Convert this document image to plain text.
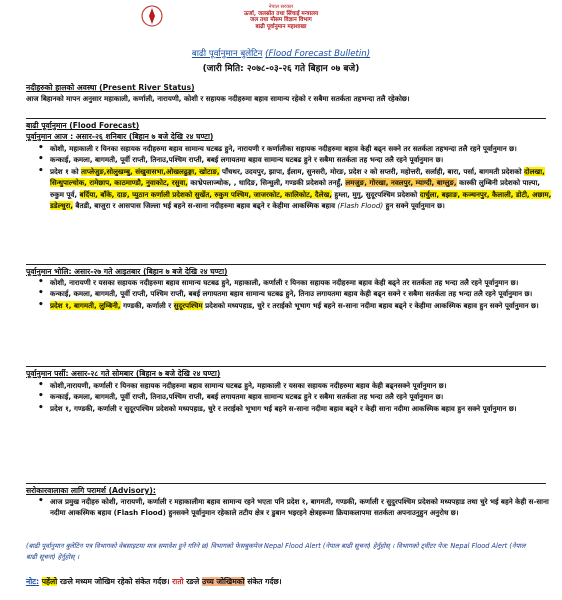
नेपाल सरकार
ऊर्जा, जलस्रोत तथा सिंचाई मन्त्रालय
जल तथा मौसम विज्ञान विभाग
बाढी पूर्वानुमान महाशाखा
बाढी पूर्वानुमान बुलेटिन (Flood Forecast Bulletin)
(जारी मिति: २०७८-०३-२६ गते बिहान ०७ बजे)
नदीहरुको हालको अवस्था (Present River Status)
आज बिहानको मापन अनुसार महाकाली, कर्णाली, नारायणी, कोशी र सहायक नदीहरुमा बहाव सामान्य रहेको र सबैमा सतर्कता तहभन्दा तलै रहेकोछ।
बाढी पूर्वानुमान (Flood Forecast)
पूर्वानुमान आज : असार-२६ शनिबार (बिहान ७ बजे देखि २४ घण्टा)
• कोशी, महाकाली र यिनका सहायक नदीहरुमा बहाव सामान्य घटबढ हुने, नारायणी र कर्णालीका सहायक नदीहरुमा बहाव केही बढ्न सक्ने तर सतर्कता तहभन्दा तलै रहने पूर्वानुमान छ।
• कन्काई, कमला, बागमती, पूर्वी राप्ती, तिनाउ,पश्चिम राप्ती, बबई लगायतमा बहाव सामान्य घटबढ हुने र सबैमा सतर्कता तह भन्दा तलै रहने पूर्वानुमान छ।
• प्रदेश १ को ताप्लेजुङ,सोलुखम्बु, संखुवासभा,ओखलढुङ्गा, खोटाङ, पाँचथर, उदयपुर, झापा, ईलाम, सुनसरी, मोरङ, प्रदेश २ को सप्तरी, महोत्तरी, सर्लाही, बारा, पर्सा, बागमती प्रदेशको दोलखा, सिन्धुपाल्चोक, रामेछाप, काठमाण्डौ, नुवाकोट, रसुवा, काभ्रेपलाञ्चोक, , धादिङ, सिन्धुली, गण्डकी प्रदेशको तनहुँ, लमजुङ, गोरखा, नवलपुर, म्याग्दी, बाग्लुङ, कास्की लुम्बिनी प्रदेशको पाल्पा, रुकुम पूर्व, बर्दिया, बाँके, दाङ, प्युठान कर्णाली प्रदेशको सुर्खेत, रुकुम पश्चिम, जाजरकोट, कालिकोट, दैलेख, हुम्ला, मुगु, सुदूरपश्चिम प्रदेशको दार्चुला, बझाङ, कञ्चनपुर, कैलाली, डोटी, अछाम, डडेल्धुरा, बैतडी, बाजुरा र आसपास जिल्ला भई बहने स-साना नदीहरुमा बहाव बढ्ने र केहीमा आकस्मिक बहाव (Flash Flood) हुन सक्ने पूर्वानुमान छ।
पूर्वानुमान भोलि: असार-२७ गते आइतबार (बिहान ७ बजे देखि २४ घण्टा)
• कोशी, नारायणी र यसका सहायक नदीहरुमा बहाव सामान्य घटबढ हुने, महाकाली, कर्णाली र यिनका सहायक नदीहरुमा बहाव केही बढ्ने तर सतर्कता तह भन्दा तलै रहने पूर्वानुमान छ।
• कन्काई, कमला, बागमती, पूर्वी राप्ती, पश्चिम राप्ती, बबई लगायतमा बहाव सामान्य घटबढ हुने, तिनाउ लगायतमा बहाव केही बढ्न सक्ने र सबैमा सतर्कता तह भन्दा तलै रहने पूर्वानुमान छ।
• प्रदेश १, बागमती, लुम्बिनी, गण्डकी, कर्णाली र सुदूरपश्चिम प्रदेशको मध्यपहाड, चुरे र तराईको भूभाग भई बहने स-साना नदीमा बहाव बढ्ने र केहीमा आकस्मिक बहाव हुन सक्ने पूर्वानुमान छ।
पूर्वानुमान पर्सी: असार-२८ गते सोमबार (बिहान ७ बजे देखि २४ घण्टा)
• कोशी,नारायणी, कर्णाली र यिनका सहायक नदीहरुमा बहाव सामान्य घटबढ हुने, महाकाली र यसका सहायक नदीहरुमा बहाव केही बढ्नसक्ने पूर्वानुमान छ।
• कन्काई, कमला, बागमती, पूर्वी राप्ती, तिनाउ,पश्चिम राप्ती, बबई लगायतमा बहाव सामान्य घटबढ हुने र सबैमा सतर्कता तह भन्दा तलै रहने पूर्वानुमान छ।
• प्रदेश १, गण्डकी, कर्णाली र सुदूरपश्चिम प्रदेशको मध्यपहाड, चुरे र तराईको भूभाग भई बहने स-साना नदीमा बहाव बढ्ने र केही साना नदीमा आकस्मिक बहाव हुन सक्ने पूर्वानुमान छ।
सरोकारवालाका लागि परामर्श (Advisory):
• आज प्रमुख नदीहरु कोशी, नारायणी, कर्णाली र महाकालीमा बहाव सामान्य रहने भएता पनि प्रदेश १, बागमती, गण्डकी, कर्णाली र सुदुरपश्चिम प्रदेशको मध्यपहाड तथा चुरे भई बहने केही स-साना नदीमा आकस्मिक बहाव (Flash Flood) हुनसक्ने पूर्वानुमान रहेकाले तटीय क्षेत्र र डुबान भइरहने क्षेत्रहरूमा क्रियाकलापमा सतर्कता अपनाउनुहुन अनुरोध छ।
(बाढी पूर्वानुमान बुलेटिन पत्र विभागको वेबसाइटमा मात्र समावेश हुने गरिने छ) विभागको फेसबुकपेज Nepal Flood Alert (नेपाल बाढी सूचना) हेर्नुहोस् । विभागको ट्वीटर पेज: Nepal Flood Alert (नेपाल बाढी सूचना) हेर्नुहोस् ।
नोट: पहेंलो रङले मध्यम जोखिम रहेको संकेत गर्दछ। रातो रङले उच्च जोखिमको संकेत गर्दछ।
